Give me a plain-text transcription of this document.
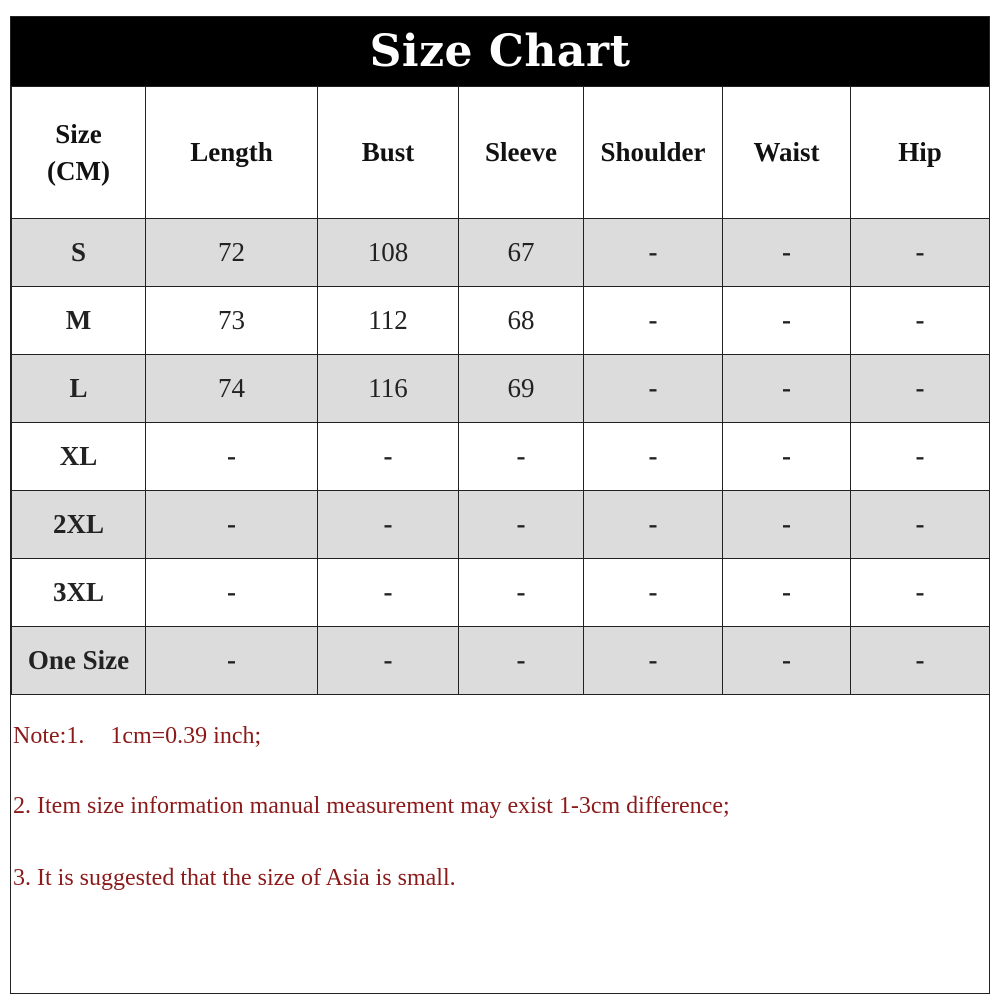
Size Chart
Size
(CM)	Length	Bust	Sleeve	Shoulder	Waist	Hip
S	72	108	67	-	-	-
M	73	112	68	-	-	-
L	74	116	69	-	-	-
XL	-	-	-	-	-	-
2XL	-	-	-	-	-	-
3XL	-	-	-	-	-	-
One Size	-	-	-	-	-	-
Note:1. 1cm=0.39 inch;
2. Item size information manual measurement may exist 1-3cm difference;
3. It is suggested that the size of Asia is small.
